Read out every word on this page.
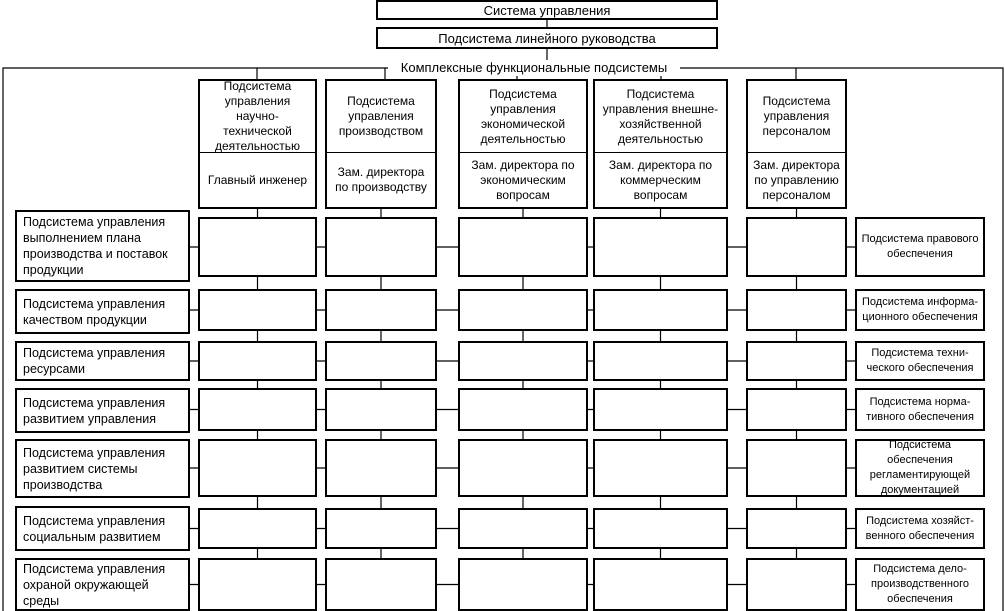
Система управления
Подсистема линейного руководства
Комплексные функциональные подсистемы
Подсистема управления научно-технической деятельностью
Главный инженер
Подсистема управления производством
Зам. директора по производству
Подсистема управления экономической деятельностью
Зам. директора по экономическим вопросам
Подсистема управления внешне-хозяйственной деятельностью
Зам. директора по коммерческим вопросам
Подсистема управления персоналом
Зам. директора по управлению персоналом
Подсистема управления выполнением плана производства и поставок продукции
Подсистема управления качеством продукции
Подсистема управления ресурсами
Подсистема управления развитием управления
Подсистема управления развитием системы производства
Подсистема управления социальным развитием
Подсистема управления охраной окружающей среды
Подсистема правового обеспечения
Подсистема информа-ционного обеспечения
Подсистема техни-ческого обеспечения
Подсистема норма-тивного обеспечения
Подсистема обеспечения регламентирующей документацией
Подсистема хозяйст-венного обеспечения
Подсистема дело-производственного обеспечения
